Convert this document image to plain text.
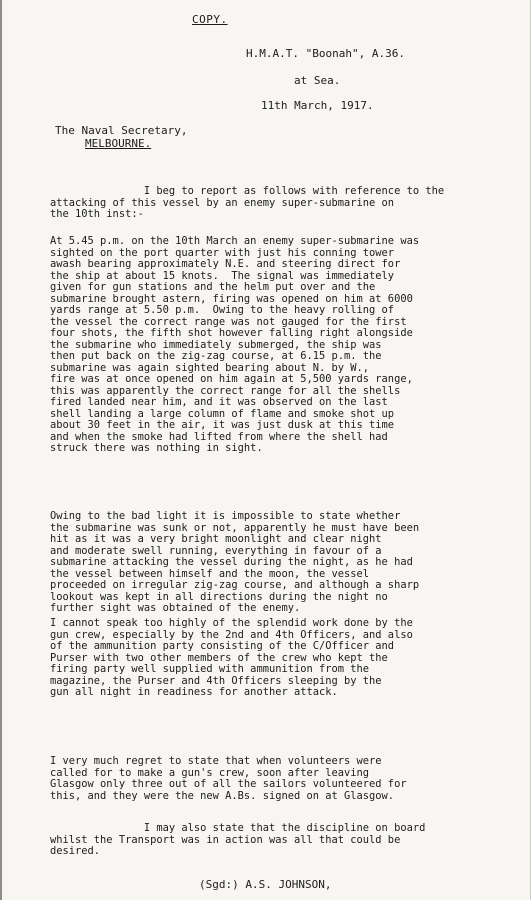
COPY.
H.M.A.T. "Boonah", A.36.
at Sea.
11th March, 1917.
The Naval Secretary,
MELBOURNE.

I beg to report as follows with reference to the
attacking of this vessel by an enemy super-submarine on
the 10th inst:-

At 5.45 p.m. on the 10th March an enemy super-submarine was
sighted on the port quarter with just his conning tower
awash bearing approximately N.E. and steering direct for
the ship at about 15 knots.  The signal was immediately
given for gun stations and the helm put over and the
submarine brought astern, firing was opened on him at 6000
yards range at 5.50 p.m.  Owing to the heavy rolling of
the vessel the correct range was not gauged for the first
four shots, the fifth shot however falling right alongside
the submarine who immediately submerged, the ship was
then put back on the zig-zag course, at 6.15 p.m. the
submarine was again sighted bearing about N. by W.,
fire was at once opened on him again at 5,500 yards range,
this was apparently the correct range for all the shells
fired landed near him, and it was observed on the last
shell landing a large column of flame and smoke shot up
about 30 feet in the air, it was just dusk at this time
and when the smoke had lifted from where the shell had
struck there was nothing in sight.

Owing to the bad light it is impossible to state whether
the submarine was sunk or not, apparently he must have been
hit as it was a very bright moonlight and clear night
and moderate swell running, everything in favour of a
submarine attacking the vessel during the night, as he had
the vessel between himself and the moon, the vessel
proceeded on irregular zig-zag course, and although a sharp
lookout was kept in all directions during the night no
further sight was obtained of the enemy.

I cannot speak too highly of the splendid work done by the
gun crew, especially by the 2nd and 4th Officers, and also
of the ammunition party consisting of the C/Officer and
Purser with two other members of the crew who kept the
firing party well supplied with ammunition from the
magazine, the Purser and 4th Officers sleeping by the
gun all night in readiness for another attack.

I very much regret to state that when volunteers were
called for to make a gun's crew, soon after leaving
Glasgow only three out of all the sailors volunteered for
this, and they were the new A.Bs. signed on at Glasgow.

I may also state that the discipline on board
whilst the Transport was in action was all that could be
desired.

(Sgd:) A.S. JOHNSON,
